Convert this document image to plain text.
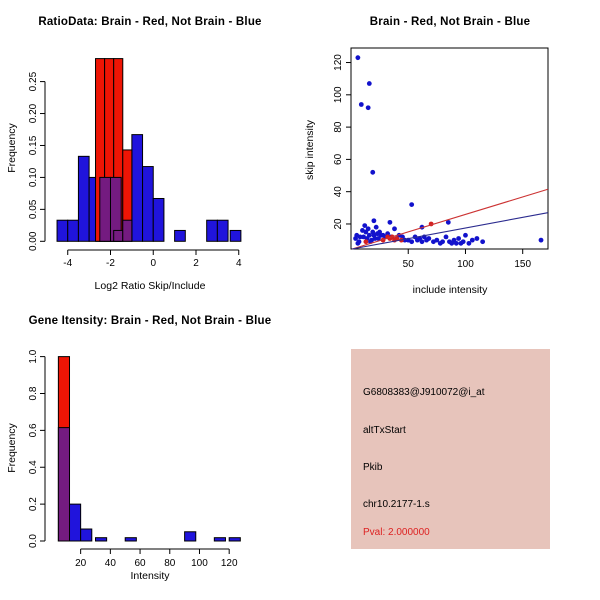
-4	-2	0	2	4
0.00
0.05
0.10
0.15
0.20
0.25
50	100	150
20
40
60
80
100
120
20 40 60 80 100 120
0.0
0.2
0.4
0.6
0.8
1.0
RatioData: Brain - Red, Not Brain - Blue	Brain - Red, Not Brain - Blue
Gene Itensity: Brain - Red, Not Brain - Blue
Log2 Ratio Skip/Include	include intensity
Intensity
Frequency	skip intensity
Frequency
G6808383@J910072@i_at
altTxStart
Pkib
chr10.2177-1.s
Pval: 2.000000
